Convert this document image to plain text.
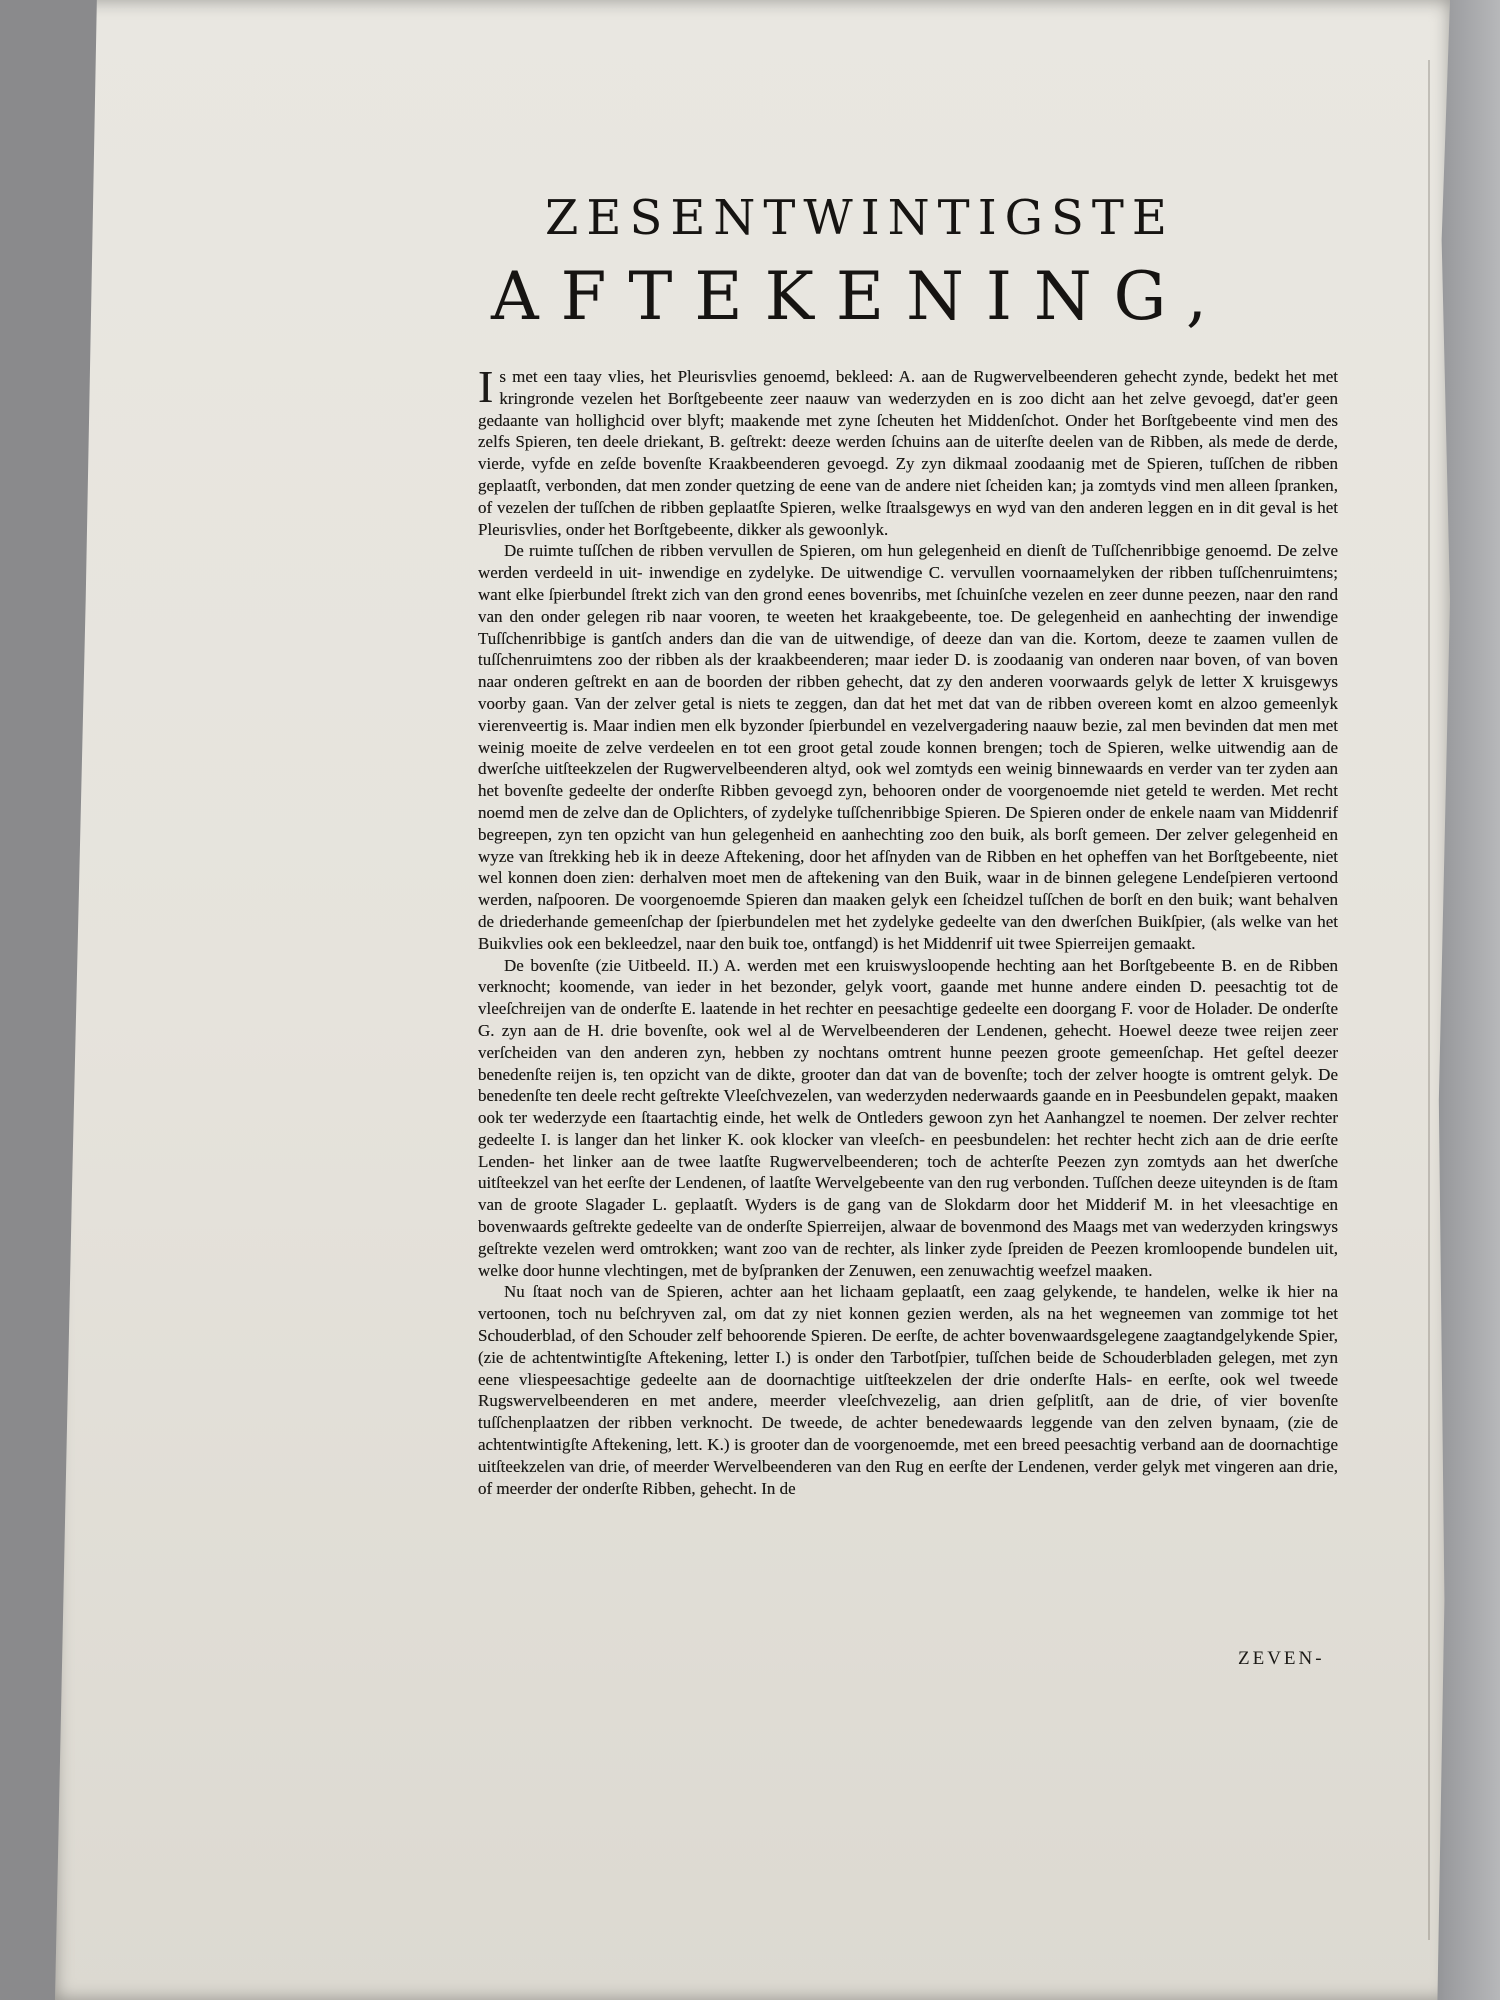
ZESENTWINTIGSTE
AFTEKENING,

Is met een taay vlies, het Pleurisvlies genoemd, bekleed: A. aan de Rugwervelbeenderen gehecht zynde, bedekt het met kringronde vezelen het Borſtgebeente zeer naauw van wederzyden en is zoo dicht aan het zelve gevoegd, dat'er geen gedaante van hollighcid over blyft; maakende met zyne ſcheuten het Middenſchot. Onder het Borſtgebeente vind men des zelfs Spieren, ten deele driekant, B. geſtrekt: deeze werden ſchuins aan de uiterſte deelen van de Ribben, als mede de derde, vierde, vyfde en zeſde bovenſte Kraakbeenderen gevoegd. Zy zyn dikmaal zoodaanig met de Spieren, tuſſchen de ribben geplaatſt, verbonden, dat men zonder quetzing de eene van de andere niet ſcheiden kan; ja zomtyds vind men alleen ſpranken, of vezelen der tuſſchen de ribben geplaatſte Spieren, welke ſtraalsgewys en wyd van den anderen leggen en in dit geval is het Pleurisvlies, onder het Borſtgebeente, dikker als gewoonlyk.

De ruimte tuſſchen de ribben vervullen de Spieren, om hun gelegenheid en dienſt de Tuſſchenribbige genoemd. De zelve werden verdeeld in uit- inwendige en zydelyke. De uitwendige C. vervullen voornaamelyken der ribben tuſſchenruimtens; want elke ſpierbundel ſtrekt zich van den grond eenes bovenribs, met ſchuinſche vezelen en zeer dunne peezen, naar den rand van den onder gelegen rib naar vooren, te weeten het kraakgebeente, toe. De gelegenheid en aanhechting der inwendige Tuſſchenribbige is gantſch anders dan die van de uitwendige, of deeze dan van die. Kortom, deeze te zaamen vullen de tuſſchenruimtens zoo der ribben als der kraakbeenderen; maar ieder D. is zoodaanig van onderen naar boven, of van boven naar onderen geſtrekt en aan de boorden der ribben gehecht, dat zy den anderen voorwaards gelyk de letter X kruisgewys voorby gaan. Van der zelver getal is niets te zeggen, dan dat het met dat van de ribben overeen komt en alzoo gemeenlyk vierenveertig is. Maar indien men elk byzonder ſpierbundel en vezelvergadering naauw bezie, zal men bevinden dat men met weinig moeite de zelve verdeelen en tot een groot getal zoude konnen brengen; toch de Spieren, welke uitwendig aan de dwerſche uitſteekzelen der Rugwervelbeenderen altyd, ook wel zomtyds een weinig binnewaards en verder van ter zyden aan het bovenſte gedeelte der onderſte Ribben gevoegd zyn, behooren onder de voorgenoemde niet geteld te werden. Met recht noemd men de zelve dan de Oplichters, of zydelyke tuſſchenribbige Spieren. De Spieren onder de enkele naam van Middenrif begreepen, zyn ten opzicht van hun gelegenheid en aanhechting zoo den buik, als borſt gemeen. Der zelver gelegenheid en wyze van ſtrekking heb ik in deeze Aftekening, door het afſnyden van de Ribben en het opheffen van het Borſtgebeente, niet wel konnen doen zien: derhalven moet men de aftekening van den Buik, waar in de binnen gelegene Lendeſpieren vertoond werden, naſpooren. De voorgenoemde Spieren dan maaken gelyk een ſcheidzel tuſſchen de borſt en den buik; want behalven de driederhande gemeenſchap der ſpierbundelen met het zydelyke gedeelte van den dwerſchen Buikſpier, (als welke van het Buikvlies ook een bekleedzel, naar den buik toe, ontfangd) is het Middenrif uit twee Spierreijen gemaakt.

De bovenſte (zie Uitbeeld. II.) A. werden met een kruiswysloopende hechting aan het Borſtgebeente B. en de Ribben verknocht; koomende, van ieder in het bezonder, gelyk voort, gaande met hunne andere einden D. peesachtig tot de vleeſchreijen van de onderſte E. laatende in het rechter en peesachtige gedeelte een doorgang F. voor de Holader. De onderſte G. zyn aan de H. drie bovenſte, ook wel al de Wervelbeenderen der Lendenen, gehecht. Hoewel deeze twee reijen zeer verſcheiden van den anderen zyn, hebben zy nochtans omtrent hunne peezen groote gemeenſchap. Het geſtel deezer benedenſte reijen is, ten opzicht van de dikte, grooter dan dat van de bovenſte; toch der zelver hoogte is omtrent gelyk. De benedenſte ten deele recht geſtrekte Vleeſchvezelen, van wederzyden nederwaards gaande en in Peesbundelen gepakt, maaken ook ter wederzyde een ſtaartachtig einde, het welk de Ontleders gewoon zyn het Aanhangzel te noemen. Der zelver rechter gedeelte I. is langer dan het linker K. ook klocker van vleeſch- en peesbundelen: het rechter hecht zich aan de drie eerſte Lenden- het linker aan de twee laatſte Rugwervelbeenderen; toch de achterſte Peezen zyn zomtyds aan het dwerſche uitſteekzel van het eerſte der Lendenen, of laatſte Wervelgebeente van den rug verbonden. Tuſſchen deeze uiteynden is de ſtam van de groote Slagader L. geplaatſt. Wyders is de gang van de Slokdarm door het Midderif M. in het vleesachtige en bovenwaards geſtrekte gedeelte van de onderſte Spierreijen, alwaar de bovenmond des Maags met van wederzyden kringswys geſtrekte vezelen werd omtrokken; want zoo van de rechter, als linker zyde ſpreiden de Peezen kromloopende bundelen uit, welke door hunne vlechtingen, met de byſpranken der Zenuwen, een zenuwachtig weefzel maaken.

Nu ſtaat noch van de Spieren, achter aan het lichaam geplaatſt, een zaag gelykende, te handelen, welke ik hier na vertoonen, toch nu beſchryven zal, om dat zy niet konnen gezien werden, als na het wegneemen van zommige tot het Schouderblad, of den Schouder zelf behoorende Spieren. De eerſte, de achter bovenwaardsgelegene zaagtandgelykende Spier, (zie de achtentwintigſte Aftekening, letter I.) is onder den Tarbotſpier, tuſſchen beide de Schouderbladen gelegen, met zyn eene vliespeesachtige gedeelte aan de doornachtige uitſteekzelen der drie onderſte Hals- en eerſte, ook wel tweede Rugswervelbeenderen en met andere, meerder vleeſchvezelig, aan drien geſplitſt, aan de drie, of vier bovenſte tuſſchenplaatzen der ribben verknocht. De tweede, de achter benedewaards leggende van den zelven bynaam, (zie de achtentwintigſte Aftekening, lett. K.) is grooter dan de voorgenoemde, met een breed peesachtig verband aan de doornachtige uitſteekzelen van drie, of meerder Wervelbeenderen van den Rug en eerſte der Lendenen, verder gelyk met vingeren aan drie, of meerder der onderſte Ribben, gehecht. In de

ZEVEN-
